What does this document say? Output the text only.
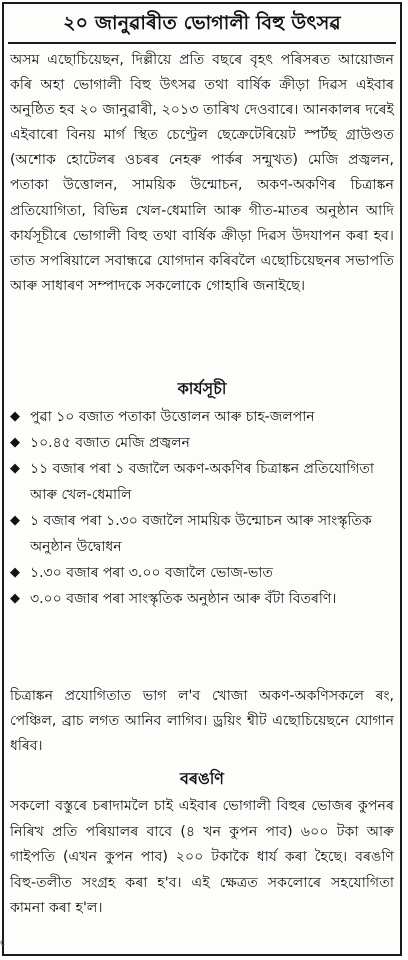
২০ জানুৱাৰীত ভোগালী বিহু উৎসৱ
অসম এছোচিয়েছন, দিল্লীয়ে প্ৰতি বছৰে বৃহৎ পৰিসৰত আয়োজন কৰি অহা ভোগালী বিহু উৎসৱ তথা বাৰ্ষিক ক্ৰীড়া দিৱস এইবাৰ অনুষ্ঠিত হব ২০ জানুৱাৰী, ২০১৩ তাৰিখ দেওবাৰে। আনকালৰ দৰেই এইবাৰো বিনয় মাৰ্গ স্থিত চেণ্ট্ৰেল ছেক্ৰেটেৰিয়েট স্পৰ্টছ গ্ৰাউণ্ডত (অশোক হোটেলৰ ওচৰৰ নেহৰু পাৰ্কৰ সন্মুখত) মেজি প্ৰজ্বলন, পতাকা উত্তোলন, সাময়িক উন্মোচন, অকণ-অকণিৰ চিত্ৰাঙ্কন প্ৰতিযোগিতা, বিভিন্ন খেল-ধেমালি আৰু গীত-মাতৰ অনুষ্ঠান আদি কাৰ্যসূচীৰে ভোগালী বিহু তথা বাৰ্ষিক ক্ৰীড়া দিৱস উদযাপন কৰা হব। তাত সপৰিয়ালে সবান্ধৱে যোগদান কৰিবলৈ এছোচিয়েছনৰ সভাপতি আৰু সাধাৰণ সম্পাদকে সকলোকে গোহাৰি জনাইছে।
কাৰ্যসূচী
◆ পুৱা ১০ বজাত পতাকা উত্তোলন আৰু চাহ-জলপান
◆ ১০.৪৫ বজাত মেজি প্ৰজ্বলন
◆ ১১ বজাৰ পৰা ১ বজালৈ অকণ-অকণিৰ চিত্ৰাঙ্কন প্ৰতিযোগিতা আৰু খেল-ধেমালি
◆ ১ বজাৰ পৰা ১.৩০ বজালৈ সাময়িক উন্মোচন আৰু সাংস্কৃতিক অনুষ্ঠান উদ্বোধন
◆ ১.৩০ বজাৰ পৰা ৩.০০ বজালৈ ভোজ-ভাত
◆ ৩.০০ বজাৰ পৰা সাংস্কৃতিক অনুষ্ঠান আৰু বঁটা বিতৰণি।
চিত্ৰাঙ্কন প্ৰযোগিতাত ভাগ ল'ব খোজা অকণ-অকণিসকলে ৰং, পেঞ্চিল, ব্ৰাচ লগত আনিব লাগিব। ড্ৰয়িং শ্বীট এছোচিয়েছনে যোগান ধৰিব।
বৰঙণি
সকলো বস্তুৰে চৰাদামলৈ চাই এইবাৰ ভোগালী বিহুৰ ভোজৰ কুপনৰ নিৰিখ প্ৰতি পৰিয়ালৰ বাবে (৪ খন কুপন পাব) ৬০০ টকা আৰু গাইপতি (এখন কুপন পাব) ২০০ টকাকৈ ধাৰ্য কৰা হৈছে। বৰঙণি বিহু-তলীত সংগ্ৰহ কৰা হ'ব। এই ক্ষেত্ৰত সকলোৰে সহযোগিতা কামনা কৰা হ'ল।
c
